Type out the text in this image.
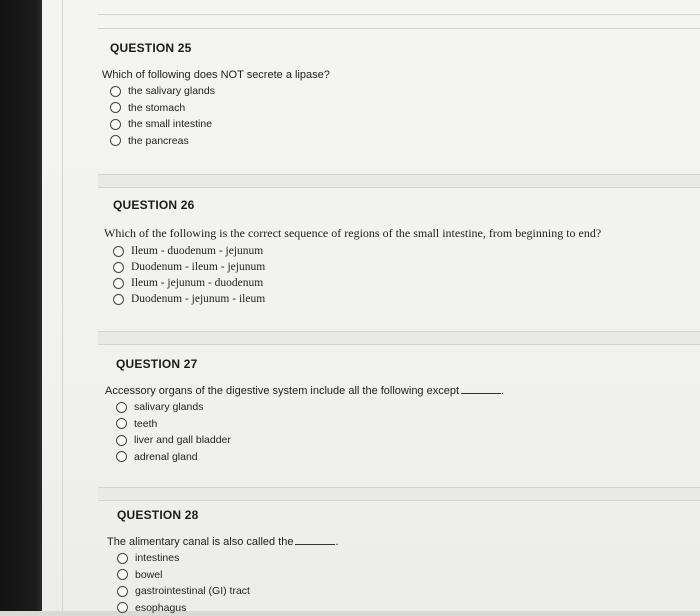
QUESTION 25
Which of following does NOT secrete a lipase?
the salivary glands
the stomach
the small intestine
the pancreas
QUESTION 26
Which of the following is the correct sequence of regions of the small intestine, from beginning to end?
Ileum - duodenum - jejunum
Duodenum - ileum - jejunum
Ileum - jejunum - duodenum
Duodenum - jejunum - ileum
QUESTION 27
Accessory organs of the digestive system include all the following except	.
salivary glands
teeth
liver and gall bladder
adrenal gland
QUESTION 28
The alimentary canal is also called the	.
intestines
bowel
gastrointestinal (GI) tract
esophagus
